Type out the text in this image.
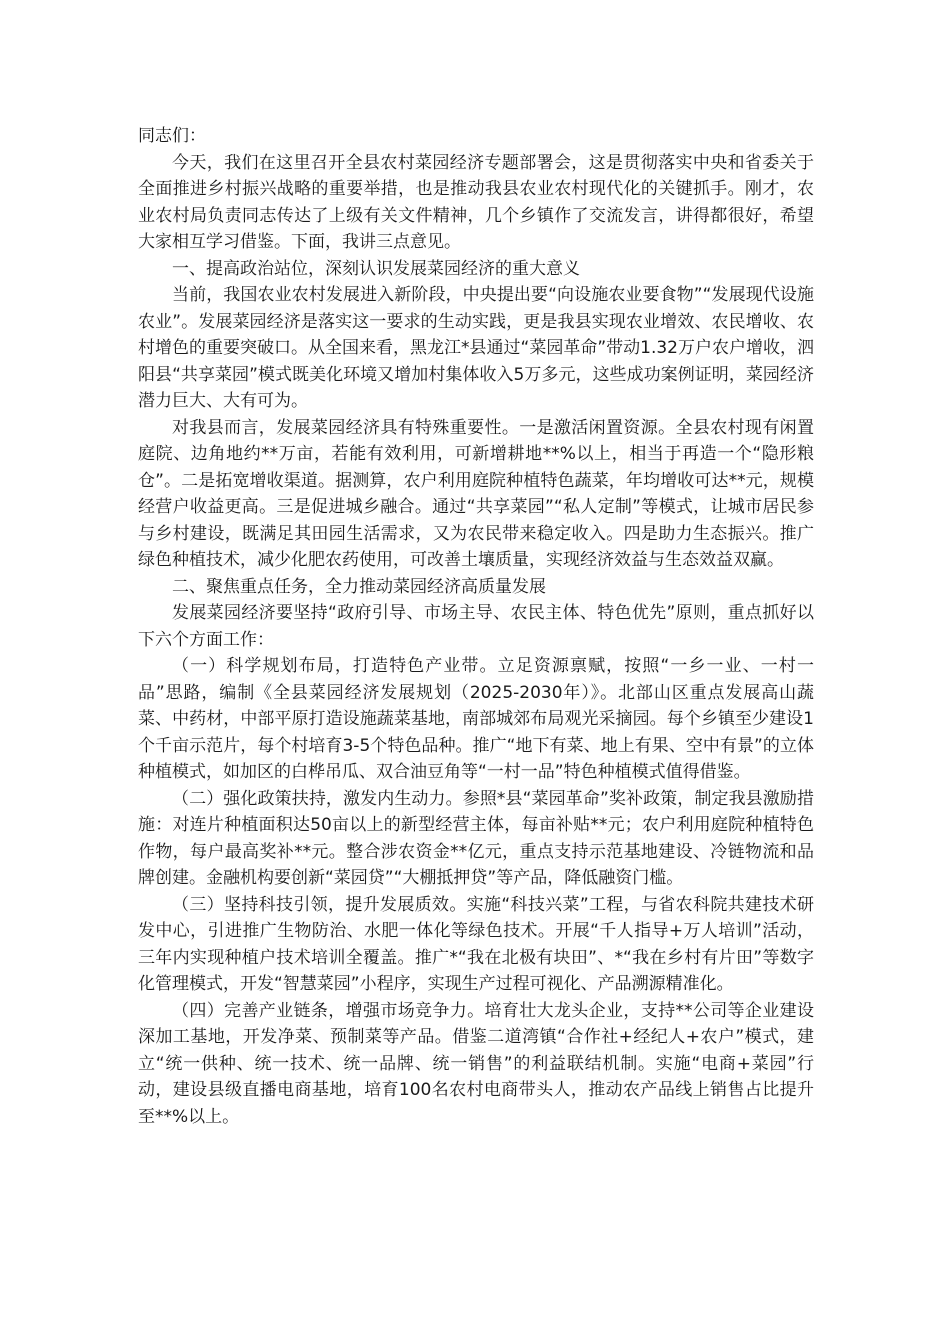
同志们：

今天，我们在这里召开全县农村菜园经济专题部署会，这是贯彻落实中央和省委关于全面推进乡村振兴战略的重要举措，也是推动我县农业农村现代化的关键抓手。刚才，农业农村局负责同志传达了上级有关文件精神，几个乡镇作了交流发言，讲得都很好，希望大家相互学习借鉴。下面，我讲三点意见。

一、提高政治站位，深刻认识发展菜园经济的重大意义

当前，我国农业农村发展进入新阶段，中央提出要“向设施农业要食物”“发展现代设施农业”。发展菜园经济是落实这一要求的生动实践，更是我县实现农业增效、农民增收、农村增色的重要突破口。从全国来看，黑龙江*县通过“菜园革命”带动1.32万户农户增收，泗阳县“共享菜园”模式既美化环境又增加村集体收入5万多元，这些成功案例证明，菜园经济潜力巨大、大有可为。

对我县而言，发展菜园经济具有特殊重要性。一是激活闲置资源。全县农村现有闲置庭院、边角地约**万亩，若能有效利用，可新增耕地**%以上，相当于再造一个“隐形粮仓”。二是拓宽增收渠道。据测算，农户利用庭院种植特色蔬菜，年均增收可达**元，规模经营户收益更高。三是促进城乡融合。通过“共享菜园”“私人定制”等模式，让城市居民参与乡村建设，既满足其田园生活需求，又为农民带来稳定收入。四是助力生态振兴。推广绿色种植技术，减少化肥农药使用，可改善土壤质量，实现经济效益与生态效益双赢。

二、聚焦重点任务，全力推动菜园经济高质量发展

发展菜园经济要坚持“政府引导、市场主导、农民主体、特色优先”原则，重点抓好以下六个方面工作：

（一）科学规划布局，打造特色产业带。立足资源禀赋，按照“一乡一业、一村一品”思路，编制《全县菜园经济发展规划（2025-2030年）》。北部山区重点发展高山蔬菜、中药材，中部平原打造设施蔬菜基地，南部城郊布局观光采摘园。每个乡镇至少建设1个千亩示范片，每个村培育3-5个特色品种。推广“地下有菜、地上有果、空中有景”的立体种植模式，如加区的白桦吊瓜、双合油豆角等“一村一品”特色种植模式值得借鉴。

（二）强化政策扶持，激发内生动力。参照*县“菜园革命”奖补政策，制定我县激励措施：对连片种植面积达50亩以上的新型经营主体，每亩补贴**元；农户利用庭院种植特色作物，每户最高奖补**元。整合涉农资金**亿元，重点支持示范基地建设、冷链物流和品牌创建。金融机构要创新“菜园贷”“大棚抵押贷”等产品，降低融资门槛。

（三）坚持科技引领，提升发展质效。实施“科技兴菜”工程，与省农科院共建技术研发中心，引进推广生物防治、水肥一体化等绿色技术。开展“千人指导+万人培训”活动，三年内实现种植户技术培训全覆盖。推广*“我在北极有块田”、*“我在乡村有片田”等数字化管理模式，开发“智慧菜园”小程序，实现生产过程可视化、产品溯源精准化。

（四）完善产业链条，增强市场竞争力。培育壮大龙头企业，支持**公司等企业建设深加工基地，开发净菜、预制菜等产品。借鉴二道湾镇“合作社+经纪人+农户”模式，建立“统一供种、统一技术、统一品牌、统一销售”的利益联结机制。实施“电商+菜园”行动，建设县级直播电商基地，培育100名农村电商带头人，推动农产品线上销售占比提升至**%以上。
